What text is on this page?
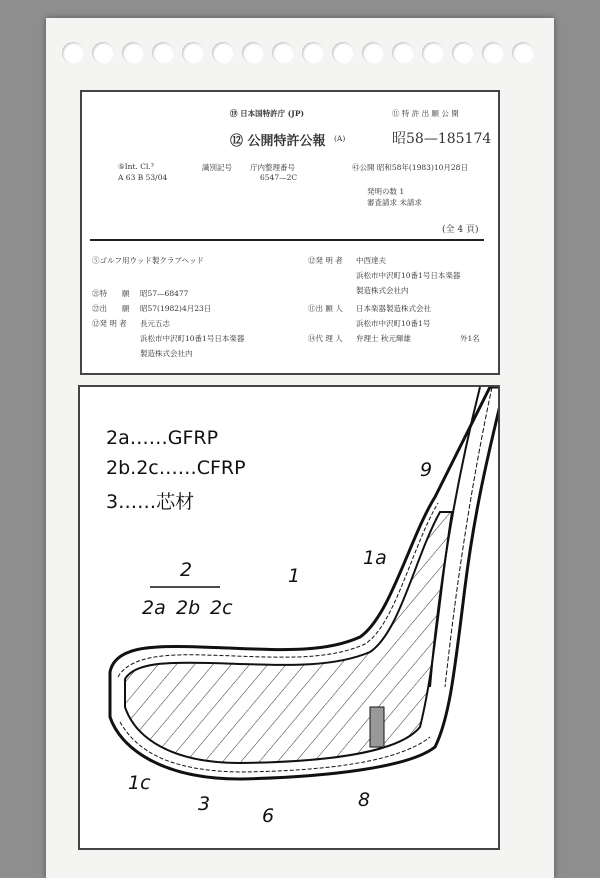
⑲ 日本国特許庁 (JP)	⑪ 特 許 出 願 公 開
⑫ 公開特許公報 (A)	昭58—185174
⑤Int. Cl.³
A 63 B 53/04
識別記号 庁内整理番号
6547—2C
㊸公開 昭和58年(1983)10月28日
発明の数 1
審査請求 未請求
(全 4 頁)
⑤ゴルフ用ウッド製クラブヘッド
㉑特　　願 昭57—68477
㉒出　　願 昭57(1982)4月23日
⑫発 明 者 長元五志
浜松市中沢町10番1号日本楽器
製造株式会社内
⑫発 明 者 中西達夫
浜松市中沢町10番1号日本楽器
製造株式会社内
⑪出 願 人 日本楽器製造株式会社
浜松市中沢町10番1号
⑭代 理 人 弁理士 秋元輝雄	外1名
2a……GFRP
2b.2c……CFRP
3……芯材
2	1
1a
9
2a 2b 2c
1c
3
6
8
